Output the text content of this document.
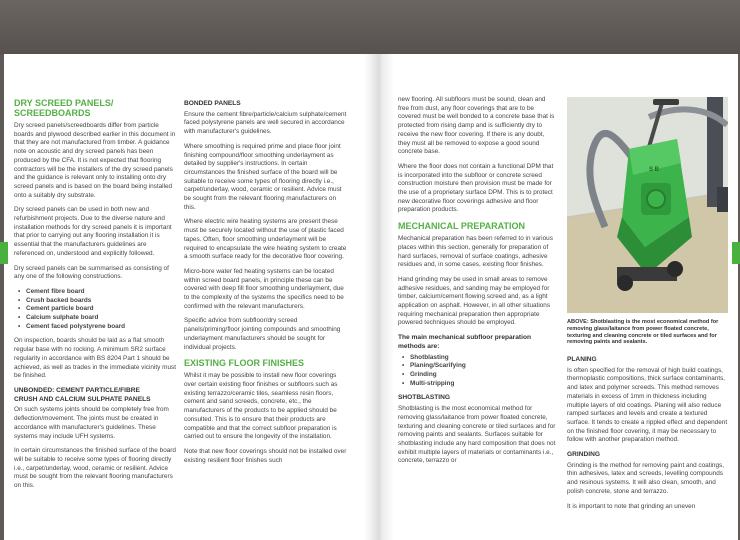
DRY SCREED PANELS/
SCREEDBOARDS

Dry screed panels/screedboards differ from particle boards and plywood described earlier in this document in that they are not manufactured from timber. A guidance note on acoustic and dry screed panels has been produced by the CFA. It is not expected that flooring contractors will be the installers of the dry screed panels and the guidance is relevant only to installing onto dry screed panels and is based on the board being installed onto a suitably dry substrate.

Dry screed panels can be used in both new and refurbishment projects. Due to the diverse nature and installation methods for dry screed panels it is important that prior to carrying out any flooring installation it is essential that the manufacturers guidelines are referenced on, understood and explicitly followed.

Dry screed panels can be summarised as consisting of any one of the following constructions.

• Cement fibre board
• Crush backed boards
• Cement particle board
• Calcium sulphate board
• Cement faced polystyrene board

On inspection, boards should be laid as a flat smooth regular base with no rocking. A minimum SR2 surface regularity in accordance with BS 8204 Part 1 should be achieved, as well as trades in the immediate vicinity must be finished.

UNBONDED: CEMENT PARTICLE/FIBRE
CRUSH AND CALCIUM SULPHATE PANELS

On such systems joints should be completely free from deflection/movement. The joints must be created in accordance with manufacturer's guidelines. These systems may include UFH systems.

In certain circumstances the finished surface of the board will be suitable to receive some types of flooring directly i.e., carpet/underlay, wood, ceramic or resilient. Advice must be sought from the relevant flooring manufacturers on this.

BONDED PANELS

Ensure the cement fibre/particle/calcium sulphate/cement faced polystyrene panels are well secured in accordance with manufacturer's guidelines.

Where smoothing is required prime and place floor joint finishing compound/floor smoothing underlayment as detailed by supplier's instructions. In certain circumstances the finished surface of the board will be suitable to receive some types of flooring directly i.e., carpet/underlay, wood, ceramic or resilient. Advice must be sought from the relevant flooring manufacturers on this.

Where electric wire heating systems are present these must be securely located without the use of plastic faced tapes. Often, floor smoothing underlayment will be required to encapsulate the wire heating system to create a smooth surface ready for the decorative floor covering.

Micro-bore water fed heating systems can be located within screed board panels, in principle these can be covered with deep fill floor smoothing underlayment, due to the complexity of the systems the specifics need to be confirmed with the relevant manufacturers.

Specific advice from subfloor/dry screed panels/priming/floor jointing compounds and smoothing underlayment manufacturers should be sought for individual projects.

EXISTING FLOOR FINISHES

Whilst it may be possible to install new floor coverings over certain existing floor finishes or subfloors such as existing terrazzo/ceramic tiles, seamless resin floors, cement and sand screeds, concrete, etc., the manufacturers of the products to be applied should be consulted. This is to ensure that their products are compatible and that the correct subfloor preparation is carried out to ensure the longevity of the installation.

Note that new floor coverings should not be installed over existing resilient floor finishes such

new flooring. All subfloors must be sound, clean and free from dust, any floor coverings that are to be covered must be well bonded to a concrete base that is protected from rising damp and is sufficiently dry to receive the new floor covering. If there is any doubt, they must all be removed to expose a good sound concrete base.

Where the floor does not contain a functional DPM that is incorporated into the subfloor or concrete screed construction moisture then provision must be made for the use of a proprietary surface DPM. This is to protect new decorative floor coverings adhesive and floor preparation products.

MECHANICAL PREPARATION

Mechanical preparation has been referred to in various places within this section, generally for preparation of hard surfaces, removal of surface coatings, adhesive residues and, in some cases, existing floor finishes.

Hand grinding may be used in small areas to remove adhesive residues, and sanding may be employed for timber, calcium/cement flowing screed and, as a light application on asphalt. However, in all other situations requiring mechanical preparation then appropriate powered techniques should be employed.

The main mechanical subfloor preparation
methods are:
• Shotblasting
• Planing/Scarifying
• Grinding
• Multi-stripping
SHOTBLASTING

Shotblasting is the most economical method for removing glass/laitance from power floated concrete, texturing and cleaning concrete or tiled surfaces and for removing paints and sealants. Surfaces suitable for shotblasting include any hard composition that does not exhibit multiple layers of materials or contaminants i.e., concrete, terrazzo or

S B
ABOVE: Shotblasting is the most economical method for removing glass/laitance from power floated concrete, texturing and cleaning concrete or tiled surfaces and for removing paints and sealants.
PLANING

Is often specified for the removal of high build coatings, thermoplastic compositions, thick surface contaminants, and latex and polymer screeds. This method removes materials in excess of 1mm in thickness including multiple layers of old coatings. Planing will also reduce ramped surfaces and levels and create a textured surface. It tends to create a rippled effect and dependent on the finished floor covering, it may be necessary to follow with another preparation method.

GRINDING

Grinding is the method for removing paint and coatings, thin adhesives, latex and screeds, levelling compounds and resinous systems. It will also clean, smooth, and polish concrete, stone and terrazzo.

It is important to note that grinding an uneven
